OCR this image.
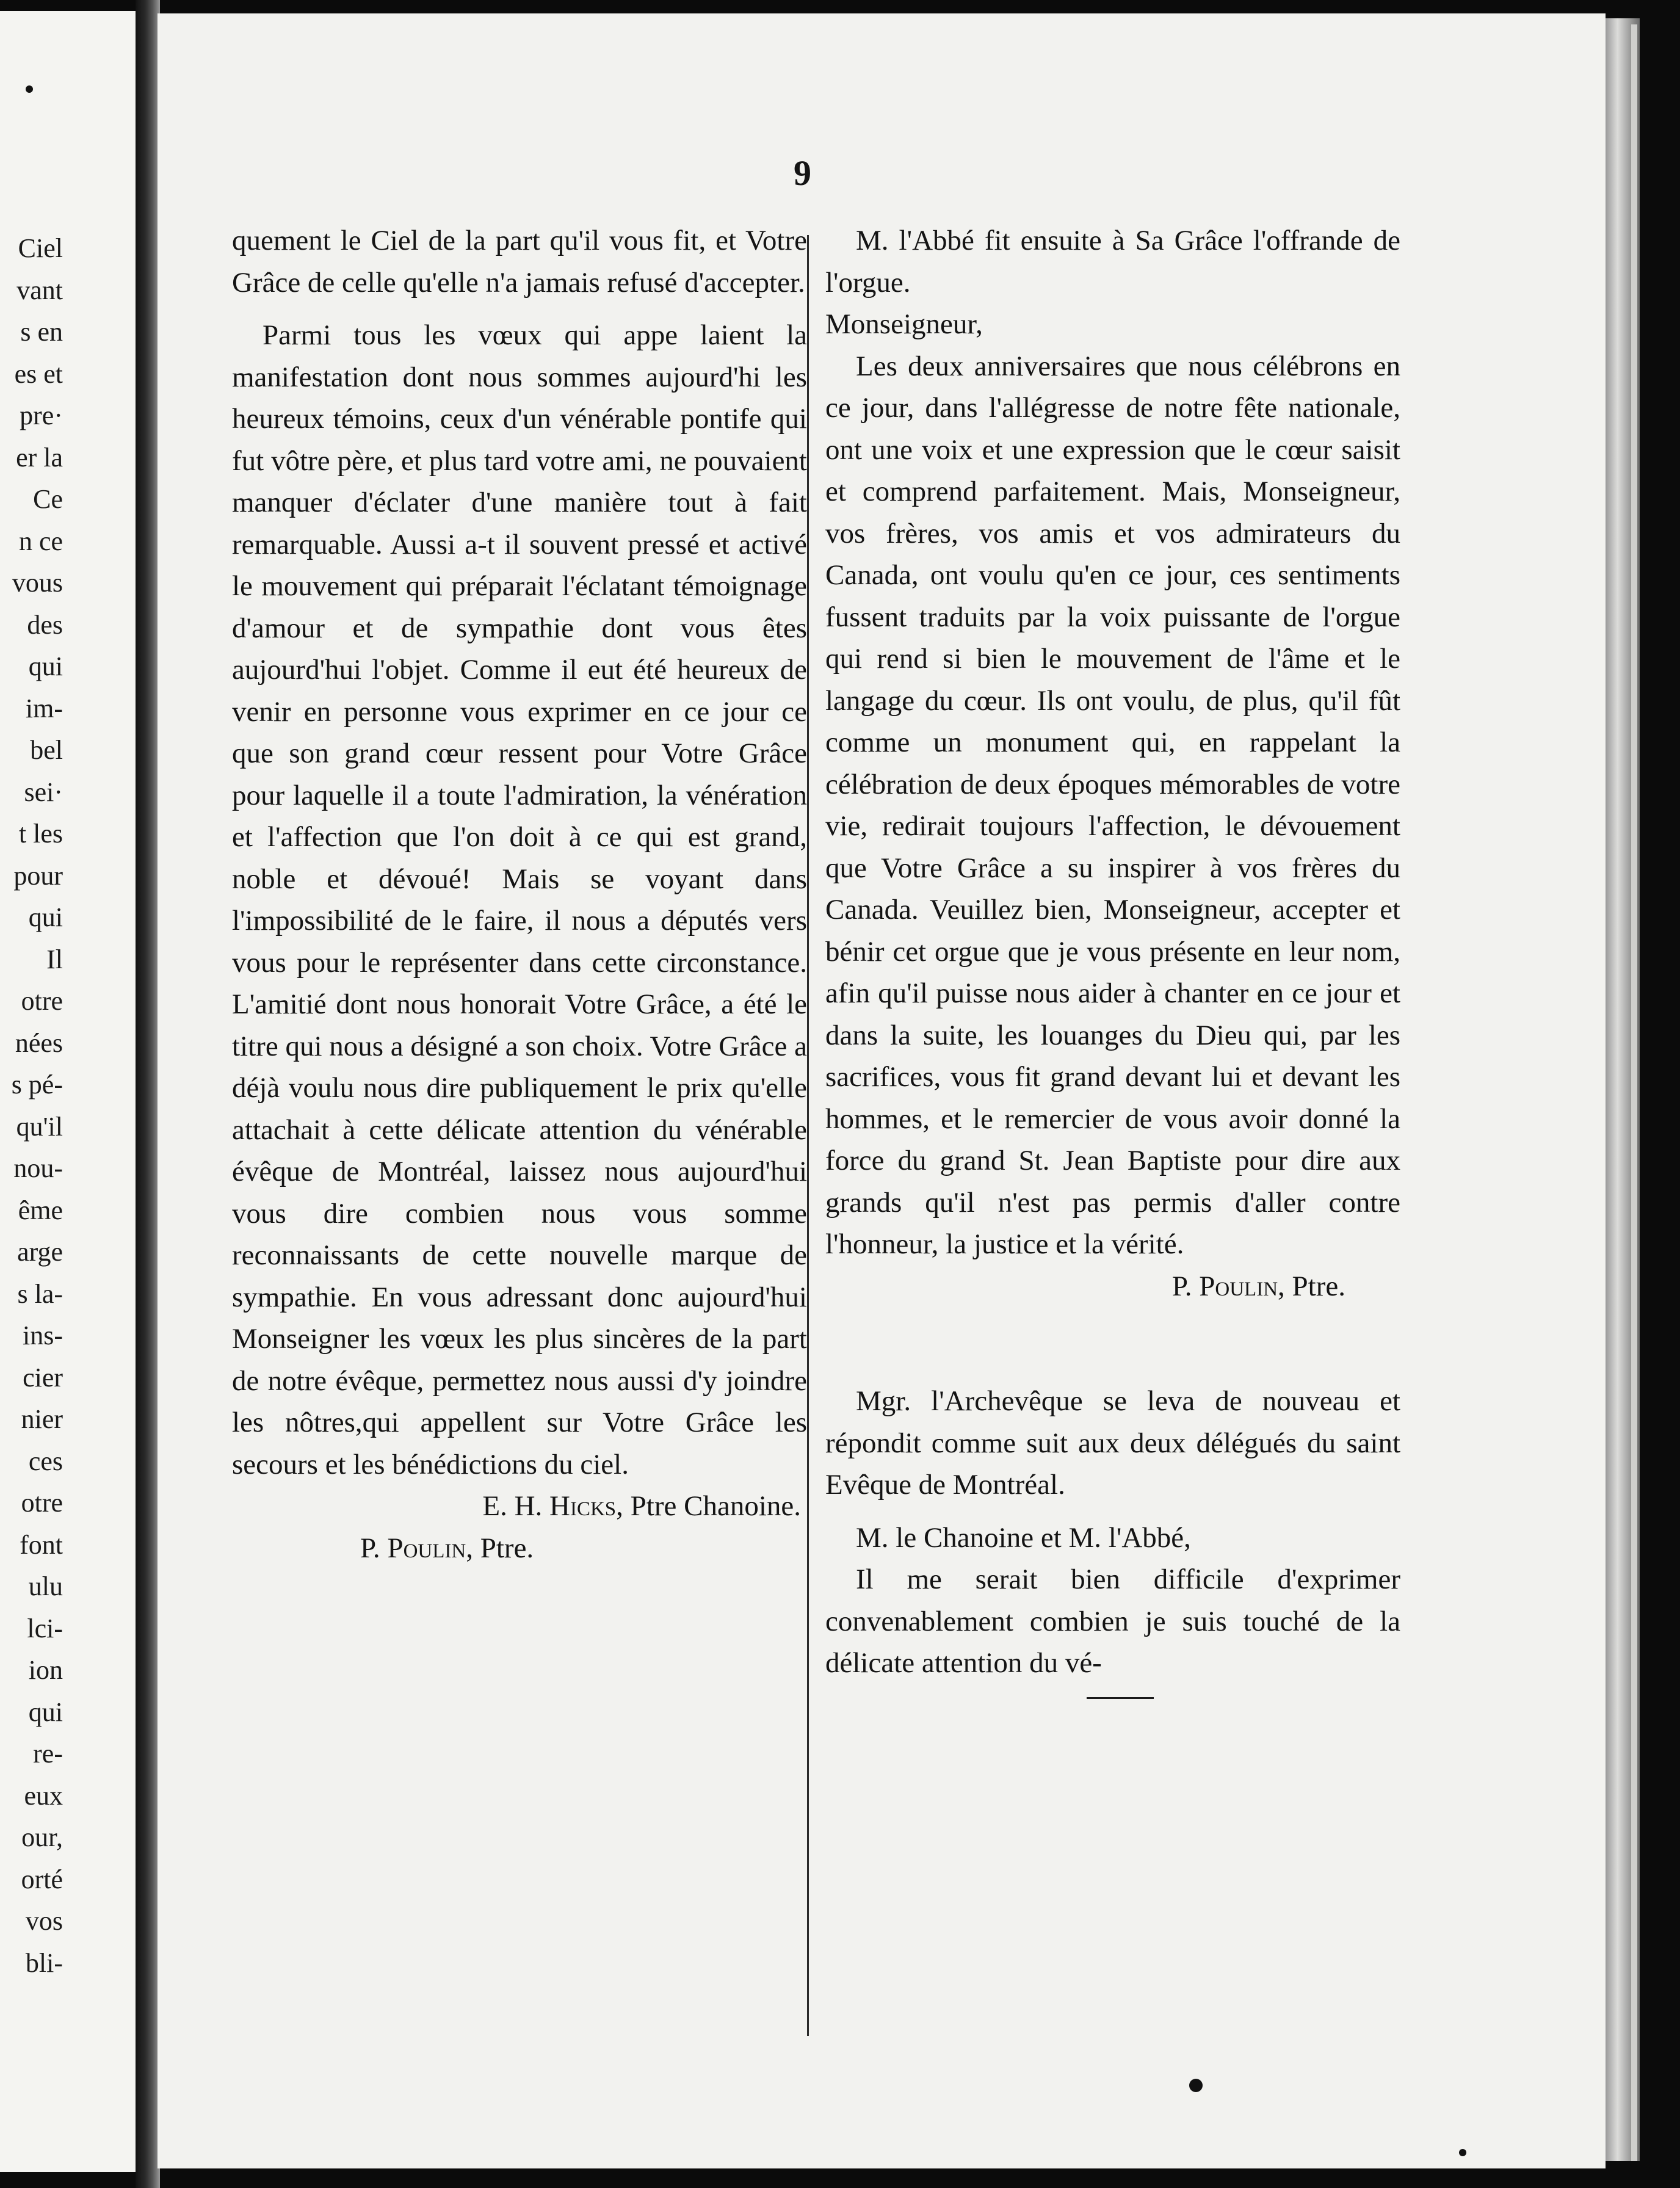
Ciel
vant
s en
es et
pre·
er la
Ce
n ce
vous
des
qui
im-
bel
sei·
t les
pour
qui
Il
otre
nées
s pé-
qu'il
nou-
ême
arge
s la-
ins-
cier
nier
ces
otre
font
ulu
lci-
ion
qui
re-
eux
our,
orté
vos
bli-
9

quement le Ciel de la part qu'il vous fit, et Votre Grâce de celle qu'elle n'a jamais refusé d'accepter.

Parmi tous les vœux qui appe laient la manifestation dont nous sommes aujourd'hi les heureux témoins, ceux d'un vénérable pontife qui fut vôtre père, et plus tard votre ami, ne pouvaient manquer d'éclater d'une manière tout à fait remarquable. Aussi a-t il souvent pressé et activé le mouvement qui préparait l'éclatant témoignage d'amour et de sympathie dont vous êtes aujourd'hui l'objet. Comme il eut été heureux de venir en personne vous exprimer en ce jour ce que son grand cœur ressent pour Votre Grâce pour laquelle il a toute l'admiration, la vénération et l'affection que l'on doit à ce qui est grand, noble et dévoué! Mais se voyant dans l'impossibilité de le faire, il nous a députés vers vous pour le représenter dans cette circonstance. L'amitié dont nous honorait Votre Grâce, a été le titre qui nous a désigné a son choix. Votre Grâce a déjà voulu nous dire publiquement le prix qu'elle attachait à cette délicate attention du vénérable évêque de Montréal, laissez nous aujourd'hui vous dire combien nous vous somme reconnaissants de cette nouvelle marque de sympathie. En vous adressant donc aujourd'hui Monseigner les vœux les plus sincères de la part de notre évêque, permettez nous aussi d'y joindre les nôtres,qui appellent sur Votre Grâce les secours et les bénédictions du ciel.

E. H. Hicks, Ptre Chanoine.

P. Poulin, Ptre.

M. l'Abbé fit ensuite à Sa Grâce l'offrande de l'orgue.

Monseigneur,

Les deux anniversaires que nous célébrons en ce jour, dans l'allégresse de notre fête nationale, ont une voix et une expression que le cœur saisit et comprend parfaitement. Mais, Monseigneur, vos frères, vos amis et vos admirateurs du Canada, ont voulu qu'en ce jour, ces sentiments fussent traduits par la voix puissante de l'orgue qui rend si bien le mouvement de l'âme et le langage du cœur. Ils ont voulu, de plus, qu'il fût comme un monument qui, en rappelant la célébration de deux époques mémorables de votre vie, redirait toujours l'affection, le dévouement que Votre Grâce a su inspirer à vos frères du Canada. Veuillez bien, Monseigneur, accepter et bénir cet orgue que je vous présente en leur nom, afin qu'il puisse nous aider à chanter en ce jour et dans la suite, les louanges du Dieu qui, par les sacrifices, vous fit grand devant lui et devant les hommes, et le remercier de vous avoir donné la force du grand St. Jean Baptiste pour dire aux grands qu'il n'est pas permis d'aller contre l'honneur, la justice et la vérité.

P. Poulin, Ptre.

Mgr. l'Archevêque se leva de nouveau et répondit comme suit aux deux délégués du saint Evêque de Montréal.

M. le Chanoine et M. l'Abbé,

Il me serait bien difficile d'exprimer convenablement combien je suis touché de la délicate attention du vé-
